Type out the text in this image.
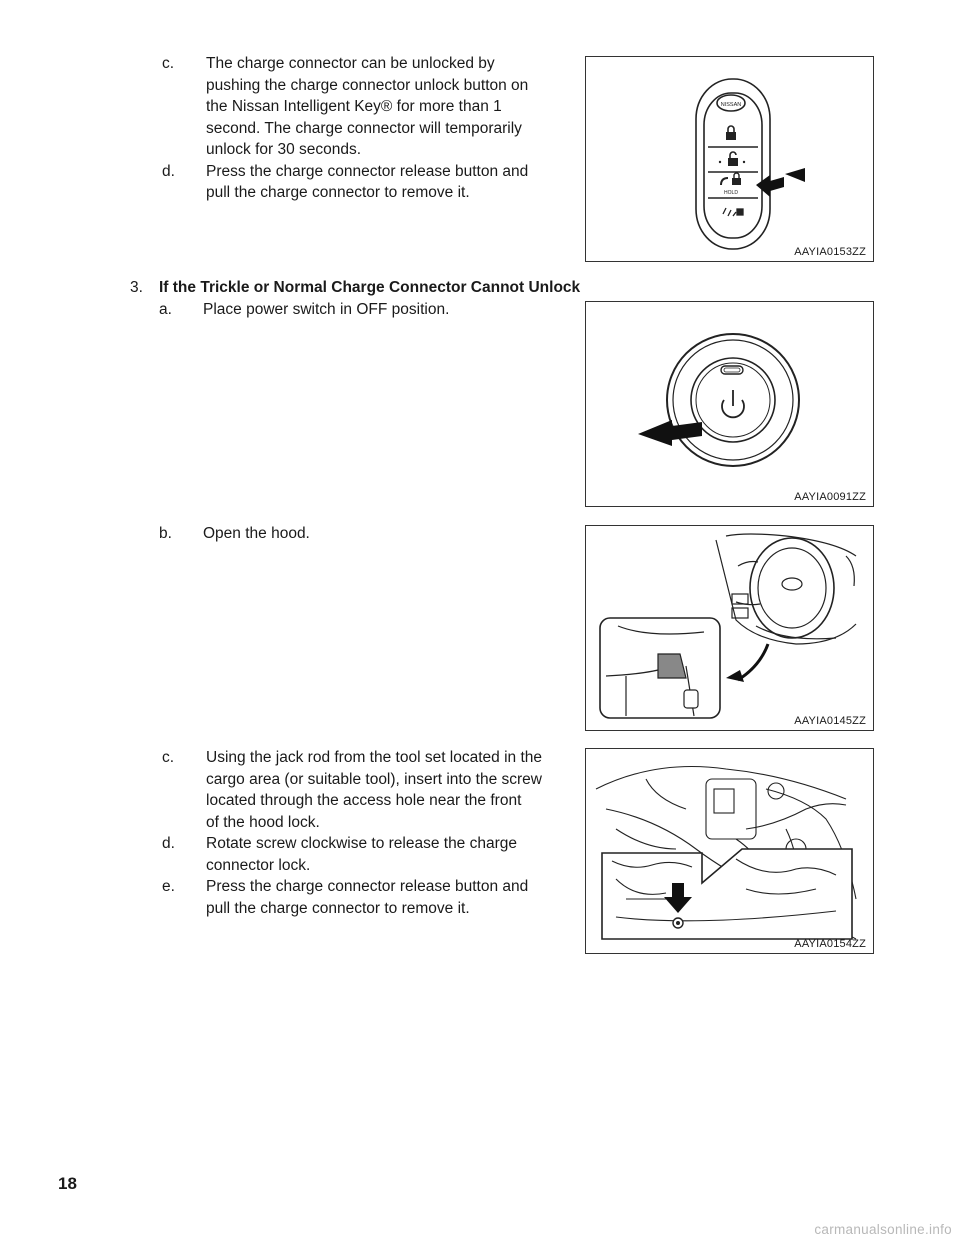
c.	The charge connector can be unlocked by
pushing the charge connector unlock button on
the Nissan Intelligent Key® for more than 1
second. The charge connector will temporarily
unlock for 30 seconds.
d. Press the charge connector release button and
pull the charge connector to remove it.
NISSAN
HOLD
AAYIA0153ZZ
3. If the Trickle or Normal Charge Connector Cannot Unlock
a. Place power switch in OFF position.
AAYIA0091ZZ
b. Open the hood.
AAYIA0145ZZ
c.	Using the jack rod from the tool set located in the
cargo area (or suitable tool), insert into the screw
located through the access hole near the front
of the hood lock.
d. Rotate screw clockwise to release the charge
connector lock.
e. Press the charge connector release button and
pull the charge connector to remove it.
AAYIA0154ZZ
18
carmanualsonline.info
